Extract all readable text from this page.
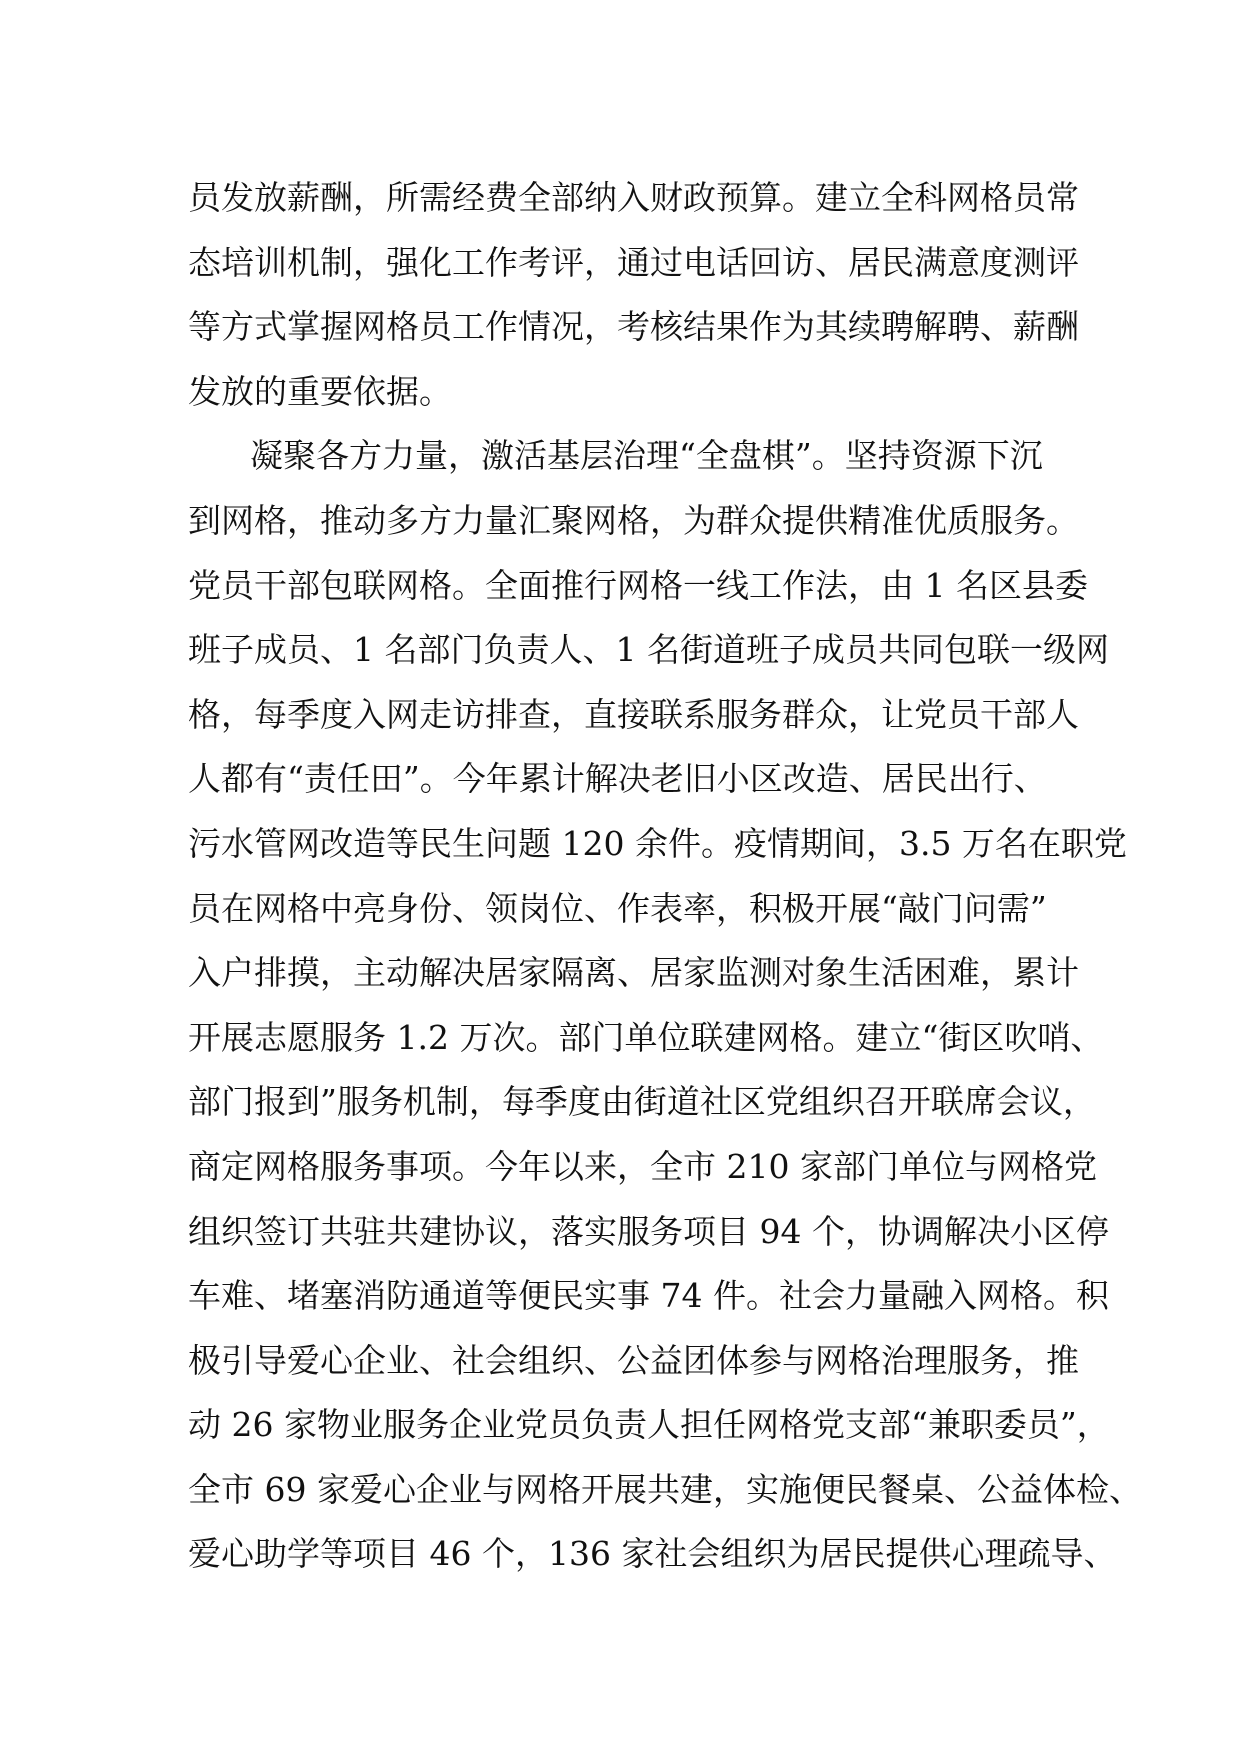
员发放薪酬，所需经费全部纳入财政预算。建立全科网格员常
态培训机制，强化工作考评，通过电话回访、居民满意度测评
等方式掌握网格员工作情况，考核结果作为其续聘解聘、薪酬
发放的重要依据。
凝聚各方力量，激活基层治理“全盘棋”。坚持资源下沉
到网格，推动多方力量汇聚网格，为群众提供精准优质服务。
党员干部包联网格。全面推行网格一线工作法，由 1 名区县委
班子成员、1 名部门负责人、1 名街道班子成员共同包联一级网
格，每季度入网走访排查，直接联系服务群众，让党员干部人
人都有“责任田”。今年累计解决老旧小区改造、居民出行、
污水管网改造等民生问题 120 余件。疫情期间，3.5 万名在职党
员在网格中亮身份、领岗位、作表率，积极开展“敲门问需”
入户排摸，主动解决居家隔离、居家监测对象生活困难，累计
开展志愿服务 1.2 万次。部门单位联建网格。建立“街区吹哨、
部门报到”服务机制，每季度由街道社区党组织召开联席会议，
商定网格服务事项。今年以来，全市 210 家部门单位与网格党
组织签订共驻共建协议，落实服务项目 94 个，协调解决小区停
车难、堵塞消防通道等便民实事 74 件。社会力量融入网格。积
极引导爱心企业、社会组织、公益团体参与网格治理服务，推
动 26 家物业服务企业党员负责人担任网格党支部“兼职委员”，
全市 69 家爱心企业与网格开展共建，实施便民餐桌、公益体检、
爱心助学等项目 46 个，136 家社会组织为居民提供心理疏导、
